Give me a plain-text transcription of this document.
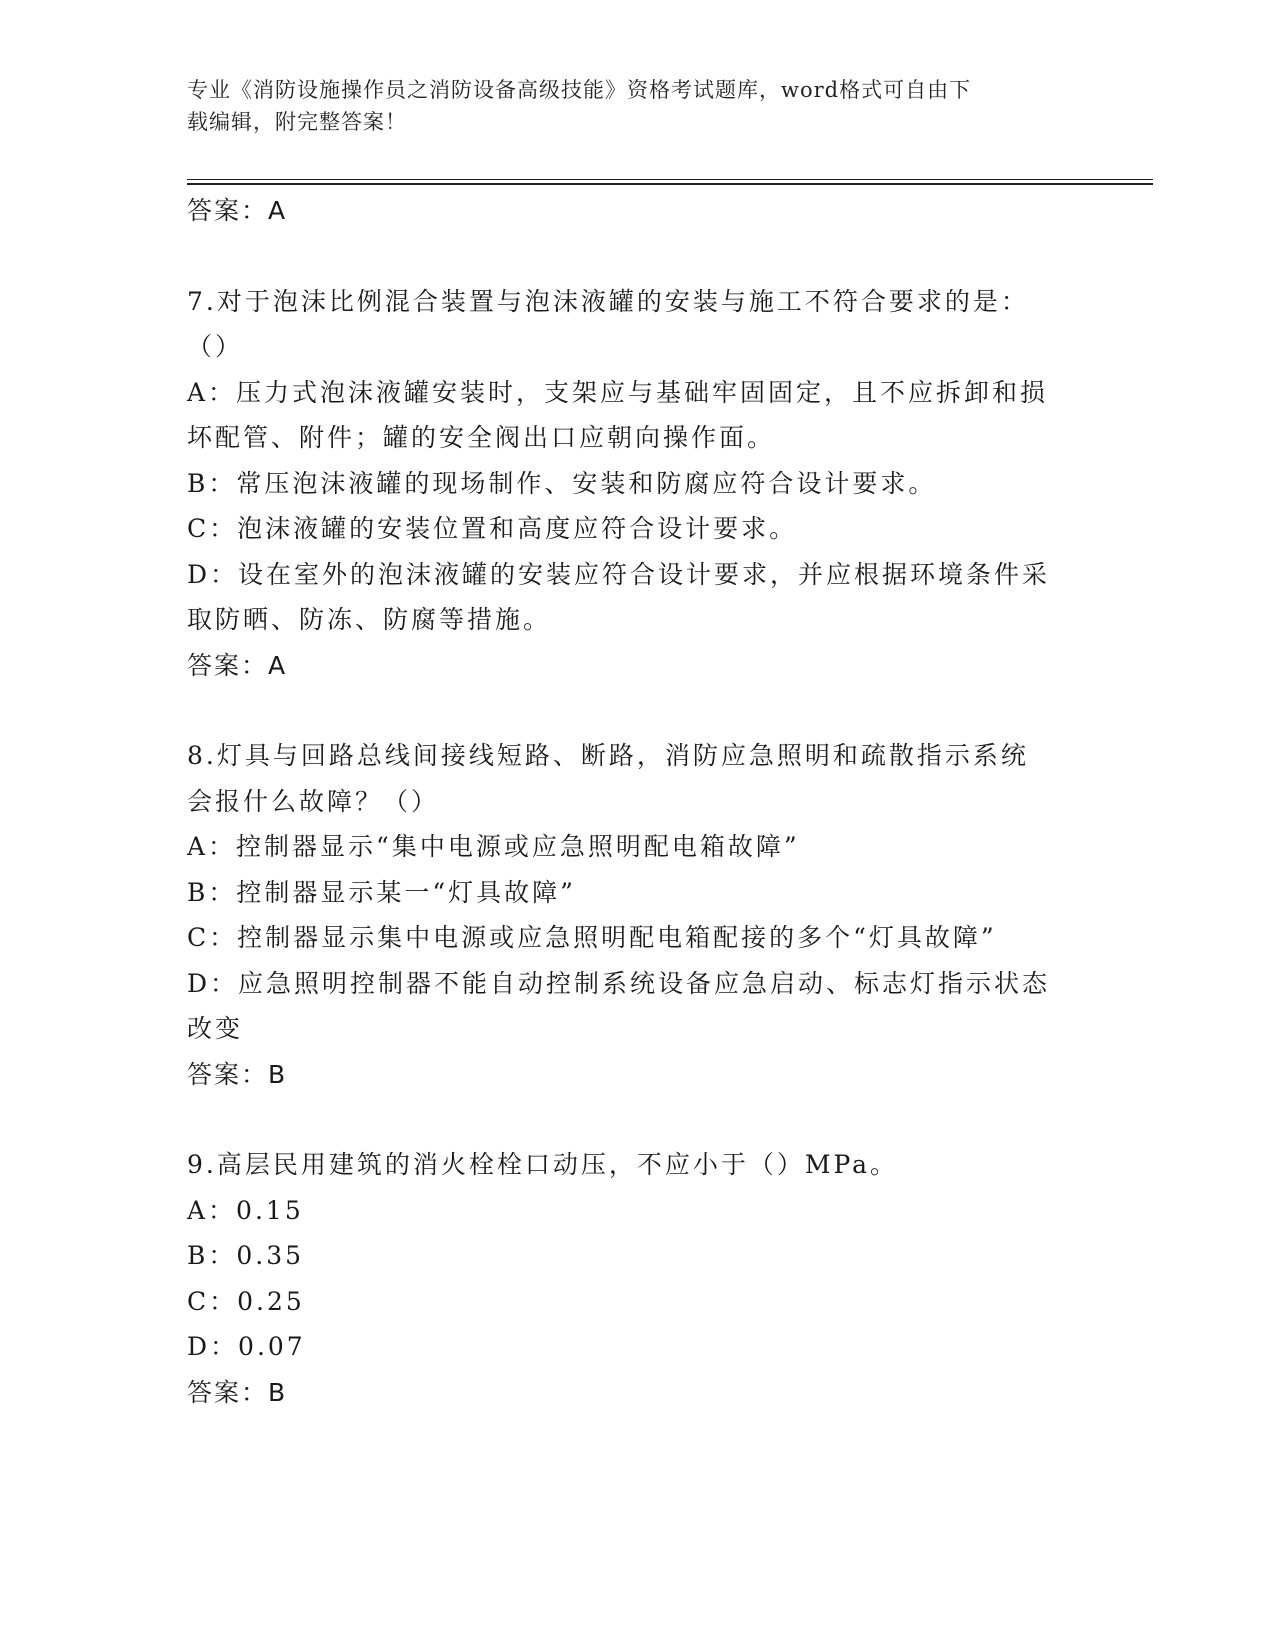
专业《消防设施操作员之消防设备高级技能》资格考试题库，word格式可自由下
载编辑，附完整答案！
答案：A
7.对于泡沫比例混合装置与泡沫液罐的安装与施工不符合要求的是：
（）
A：压力式泡沫液罐安装时，支架应与基础牢固固定，且不应拆卸和损
坏配管、附件；罐的安全阀出口应朝向操作面。
B：常压泡沫液罐的现场制作、安装和防腐应符合设计要求。
C：泡沫液罐的安装位置和高度应符合设计要求。
D：设在室外的泡沫液罐的安装应符合设计要求，并应根据环境条件采
取防晒、防冻、防腐等措施。
答案：A
8.灯具与回路总线间接线短路、断路，消防应急照明和疏散指示系统
会报什么故障？（）
A：控制器显示“集中电源或应急照明配电箱故障”
B：控制器显示某一“灯具故障”
C：控制器显示集中电源或应急照明配电箱配接的多个“灯具故障”
D：应急照明控制器不能自动控制系统设备应急启动、标志灯指示状态
改变
答案：B
9.高层民用建筑的消火栓栓口动压，不应小于（）MPa。
A：0.15
B：0.35
C：0.25
D：0.07
答案：B
